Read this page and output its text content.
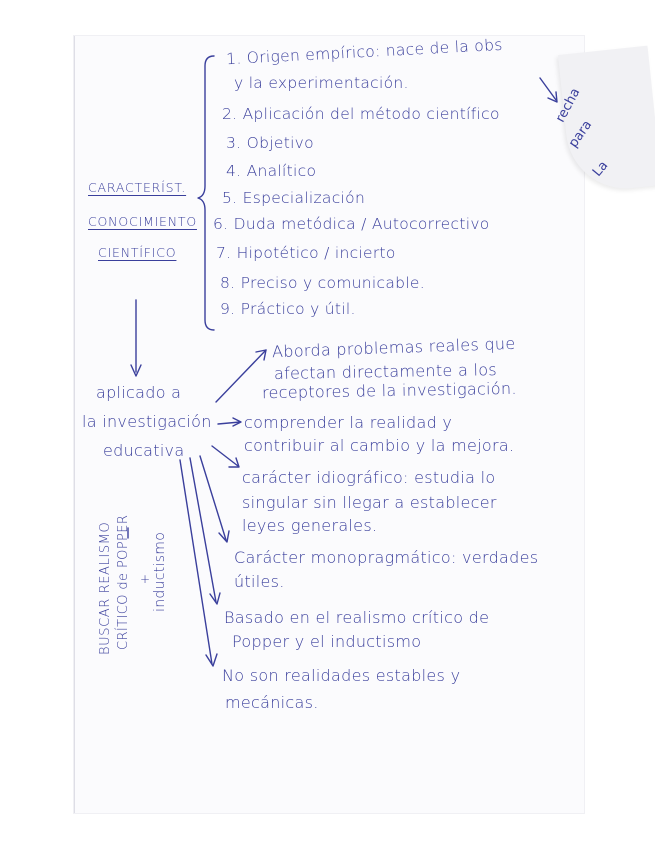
recha
para
La
CARACTERÍST.
CONOCIMIENTO
CIENTÍFICO
1. Origen empírico: nace de la obs
y la experimentación.
2. Aplicación del método científico
3. Objetivo
4. Analítico
5. Especialización
6. Duda metódica / Autocorrectivo
7. Hipotético / incierto
8. Preciso y comunicable.
9. Práctico y útil.
aplicado a
la investigación
educativa
Aborda problemas reales que
afectan directamente a los
receptores de la investigación.
comprender la realidad y
contribuir al cambio y la mejora.
carácter idiográfico: estudia lo
singular sin llegar a establecer
leyes generales.
Carácter monopragmático: verdades
útiles.
Basado en el realismo crítico de
Popper y el inductismo
No son realidades estables y
mecánicas.
BUSCAR REALISMO CRÍTICO de POPPER + inductismo
